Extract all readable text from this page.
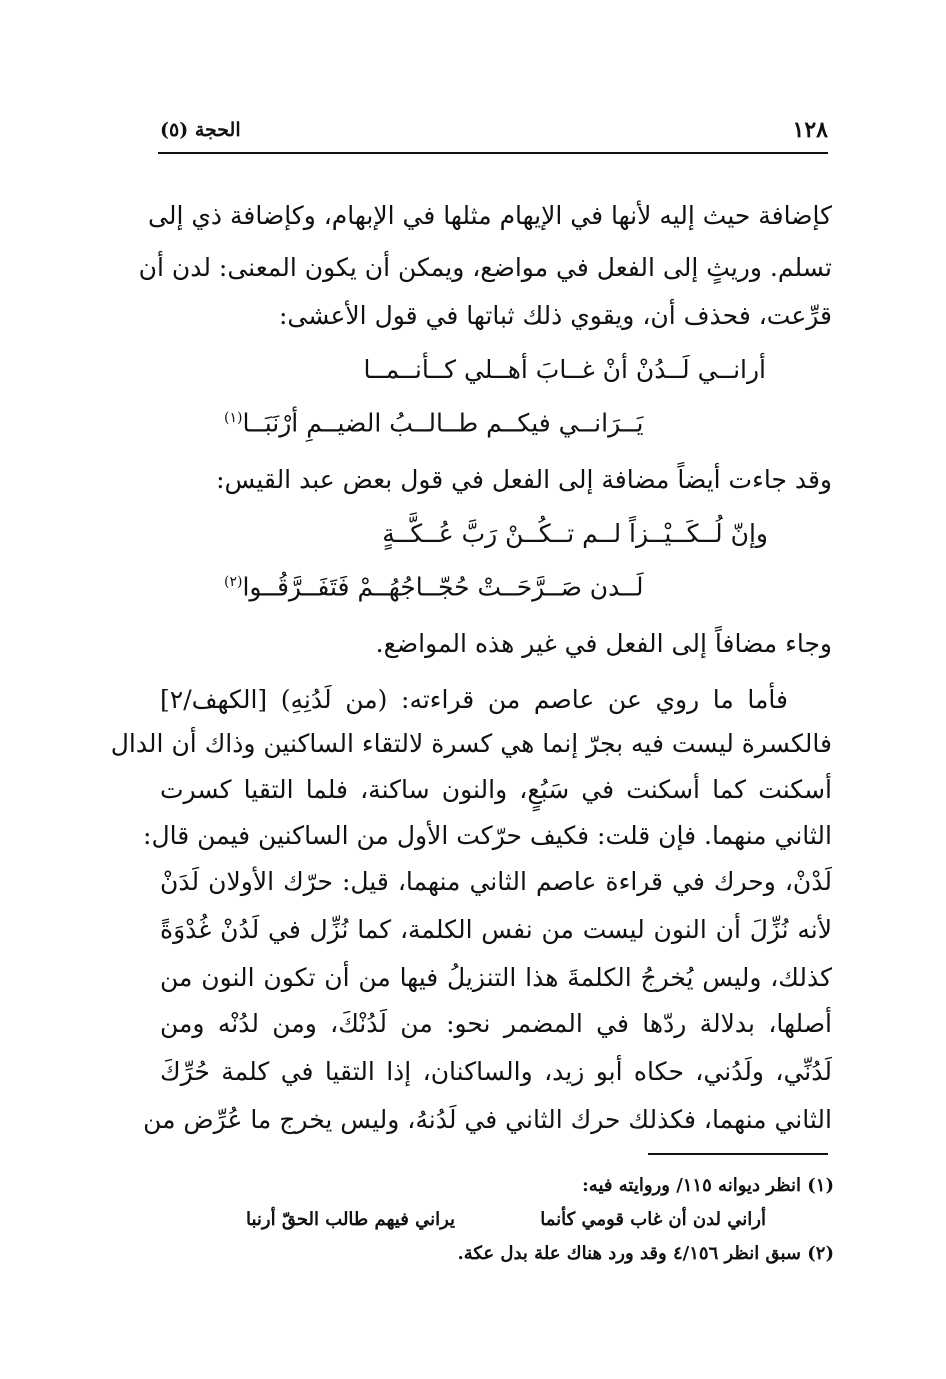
١٢٨
الحجة (٥)
كإضافة حيث إليه لأنها في الإيهام مثلها في الإبهام، وكإضافة ذي إلى
تسلم. وريثٍ إلى الفعل في مواضع، ويمكن أن يكون المعنى: لدن أن
قرِّعت، فحذف أن، ويقوي ذلك ثباتها في قول الأعشى:
أرانــي لَــدُنْ أنْ غــابَ أهــلي كــأنــمــا
يَــرَانــي فيكــم طــالــبُ الضيــمِ أرْنَبَــا$^{(١)}$
وقد جاءت أيضاً مضافة إلى الفعل في قول بعض عبد القيس:
وإنّ لُــكَــيْــزاً لــم تــكُــنْ رَبَّ عُــكَّــةٍ
لَــدن صَــرَّحَــتْ حُجّــاجُهُــمْ فَتَفَــرَّقُــوا$^{(٢)}$
وجاء مضافاً إلى الفعل في غير هذه المواضع.
فأما ما روي عن عاصم من قراءته: (من لَدُنِهِ) [الكهف/٢]
فالكسرة ليست فيه بجرّ إنما هي كسرة لالتقاء الساكنين وذاك أن الدال
أسكنت كما أسكنت في سَبُعٍ، والنون ساكنة، فلما التقيا كسرت
الثاني منهما. فإن قلت: فكيف حرّكت الأول من الساكنين فيمن قال:
لَدْنْ، وحرك في قراءة عاصم الثاني منهما، قيل: حرّك الأولان لَدَنْ
لأنه نُزِّلَ أن النون ليست من نفس الكلمة، كما نُزِّل في لَدُنْ غُدْوَةً
كذلك، وليس يُخرجُ الكلمةَ هذا التنزيلُ فيها من أن تكون النون من
أصلها، بدلالة ردّها في المضمر نحو: من لَدُنْكَ، ومن لدُنْه ومن
لَدُنِّي، ولَدُني، حكاه أبو زيد، والساكنان، إذا التقيا في كلمة حُرِّكَ
الثاني منهما، فكذلك حرك الثاني في لَدُنهُ، وليس يخرج ما عُرِّض من
(١) انظر ديوانه ١١٥/ وروايته فيه:
أراني لدن أن غاب قومي كأنما
يراني فيهم طالب الحقّ أرنبا
(٢) سبق انظر ٤/١٥٦ وقد ورد هناك علة بدل عكة.
